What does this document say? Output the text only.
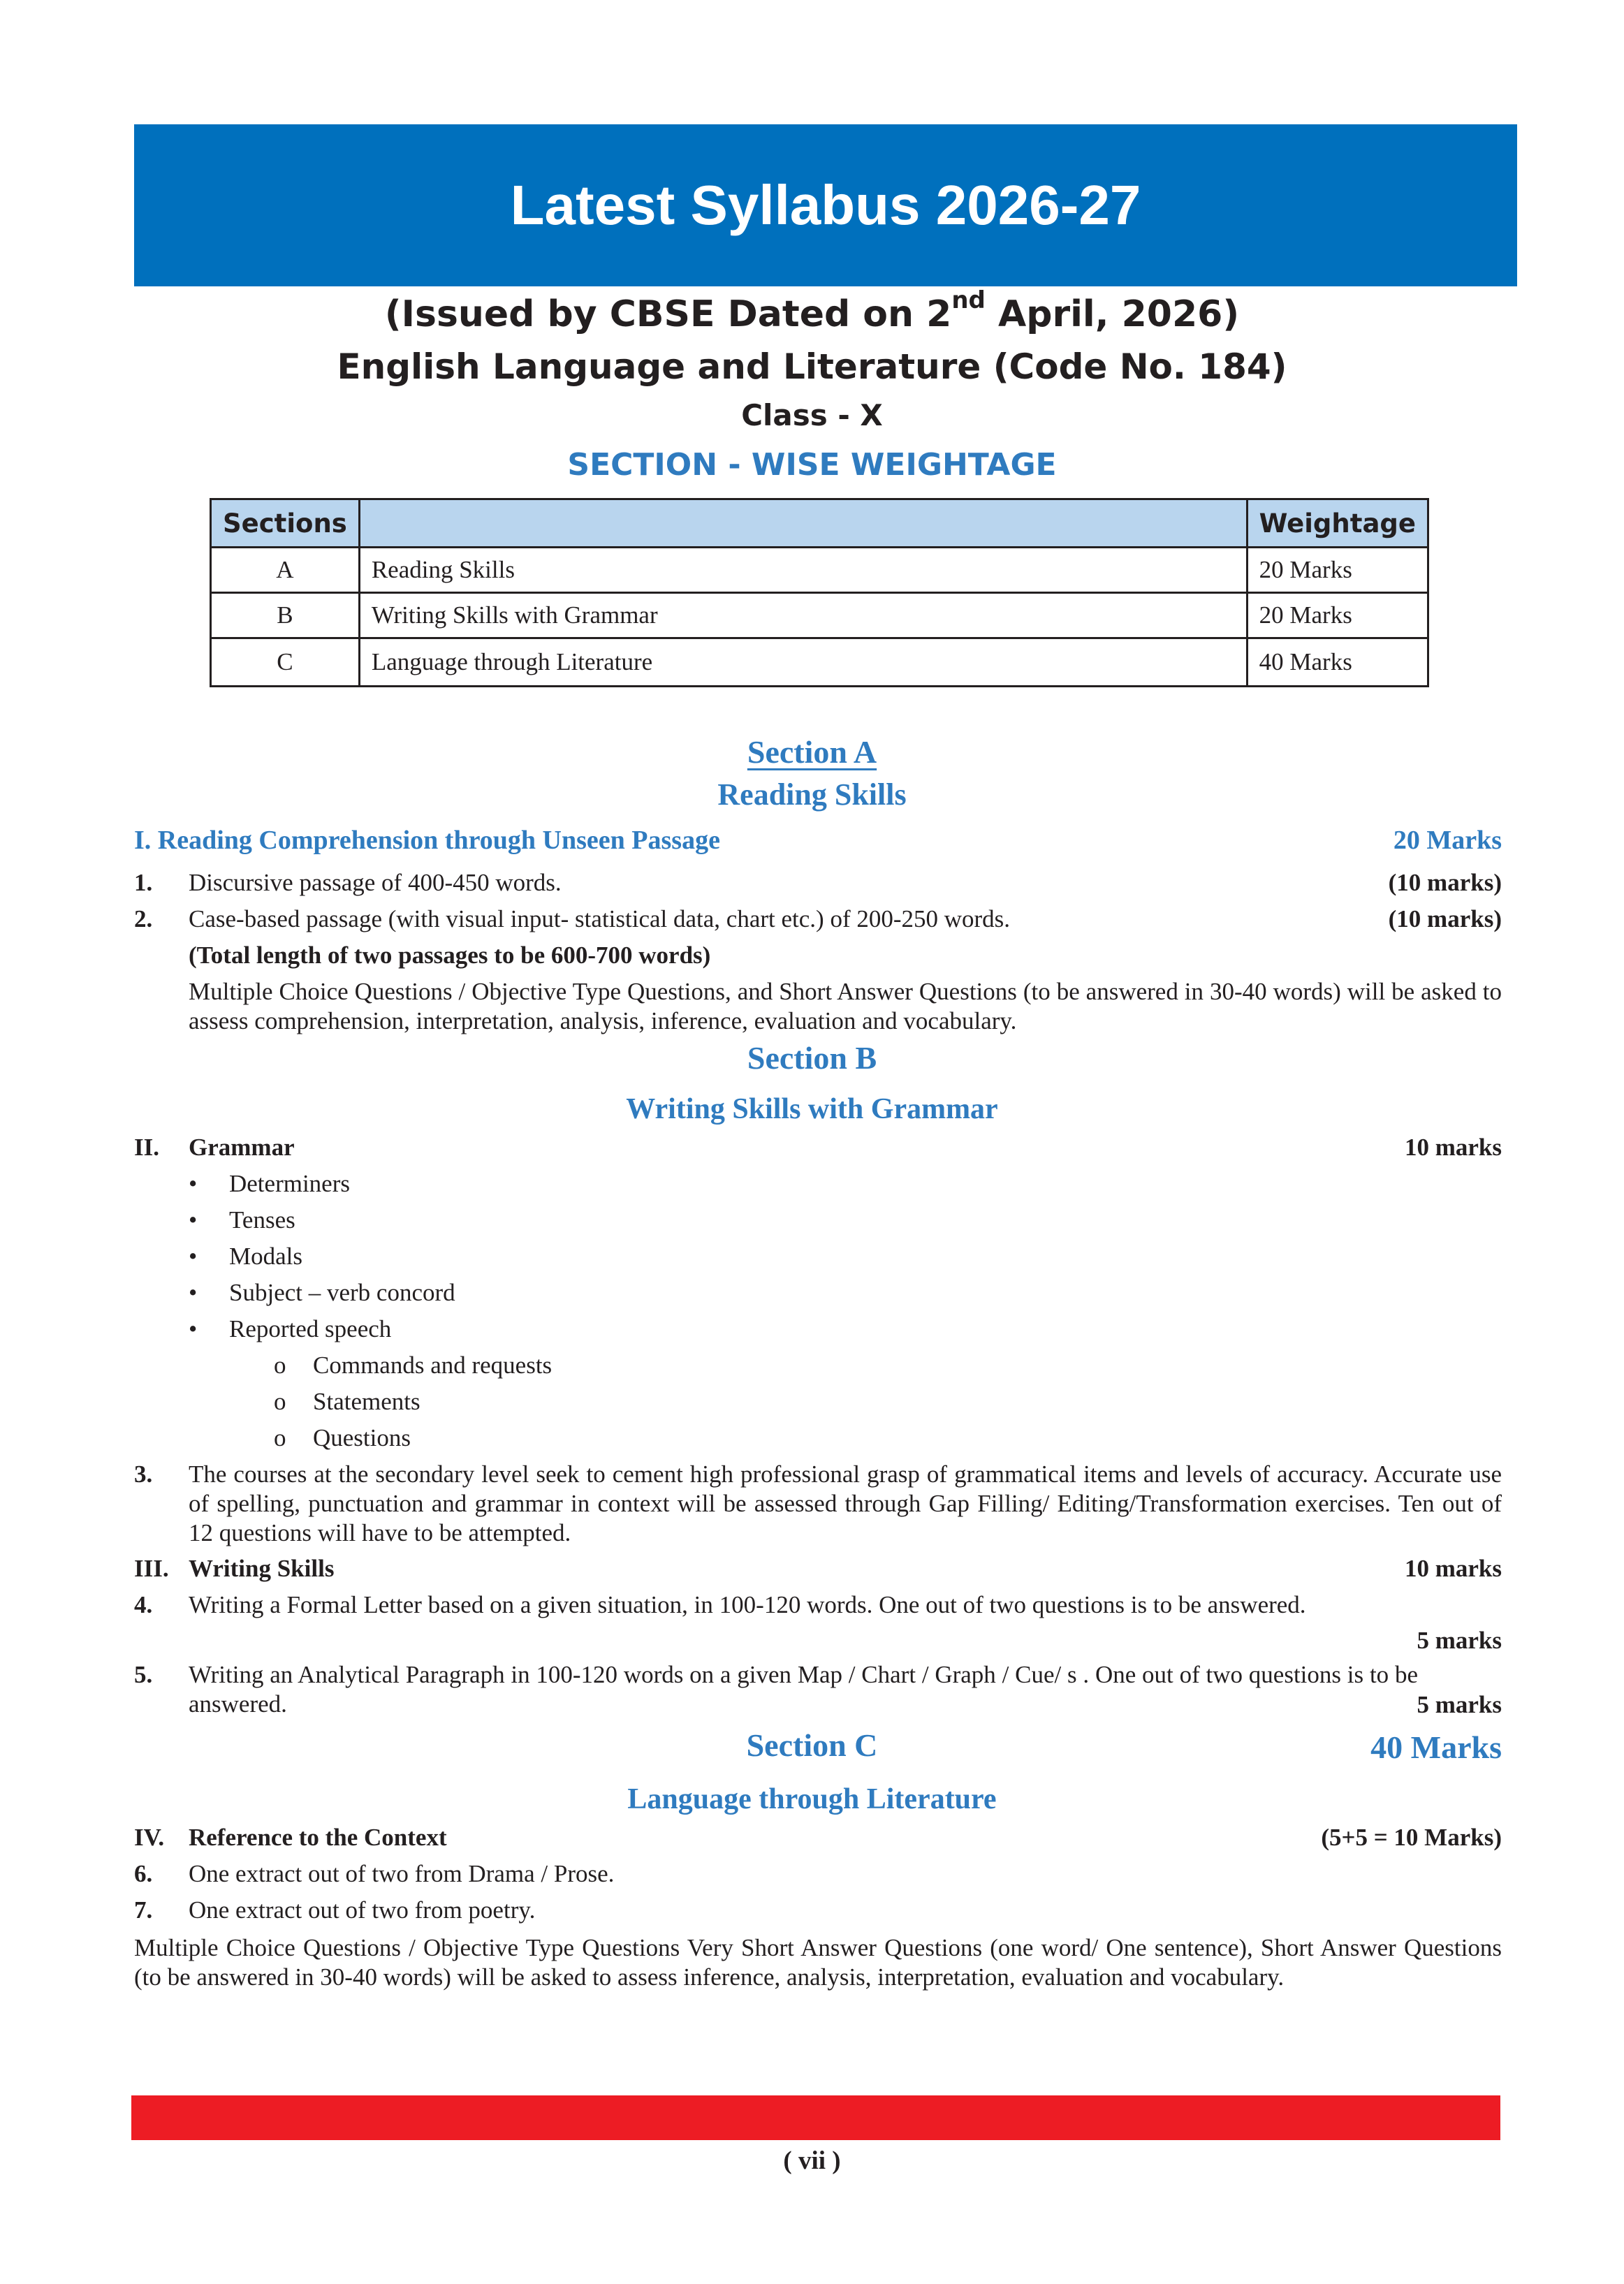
Latest Syllabus 2026-27
(Issued by CBSE Dated on 2nd April, 2026)
English Language and Literature (Code No. 184)
Class - X
SECTION - WISE WEIGHTAGE
Sections		Weightage
A	Reading Skills	20 Marks
B	Writing Skills with Grammar	20 Marks
C	Language through Literature	40 Marks
Section A
Reading Skills
I. Reading Comprehension through Unseen Passage	20 Marks
1. Discursive passage of 400-450 words.	(10 marks)
2. Case-based passage (with visual input- statistical data, chart etc.) of 200-250 words.	(10 marks)
(Total length of two passages to be 600-700 words)
Multiple Choice Questions / Objective Type Questions, and Short Answer Questions (to be answered in 30-40 words) will be asked to assess comprehension, interpretation, analysis, inference, evaluation and vocabulary.
Section B
Writing Skills with Grammar
II. Grammar	10 marks
• Determiners
• Tenses
• Modals
• Subject – verb concord
• Reported speech
o Commands and requests
o Statements
o Questions
3. The courses at the secondary level seek to cement high professional grasp of grammatical items and levels of accuracy. Accurate use of spelling, punctuation and grammar in context will be assessed through Gap Filling/ Editing/Transformation exercises. Ten out of 12 questions will have to be attempted.
III. Writing Skills	10 marks
4. Writing a Formal Letter based on a given situation, in 100-120 words. One out of two questions is to be answered.
5 marks
5. Writing an Analytical Paragraph in 100-120 words on a given Map / Chart / Graph / Cue/ s . One out of two questions is to be answered.	5 marks
Section C	40 Marks
Language through Literature
IV. Reference to the Context	(5+5 = 10 Marks)
6. One extract out of two from Drama / Prose.
7. One extract out of two from poetry.
Multiple Choice Questions / Objective Type Questions Very Short Answer Questions (one word/ One sentence), Short Answer Questions (to be answered in 30-40 words) will be asked to assess inference, analysis, interpretation, evaluation and vocabulary.
( vii )
